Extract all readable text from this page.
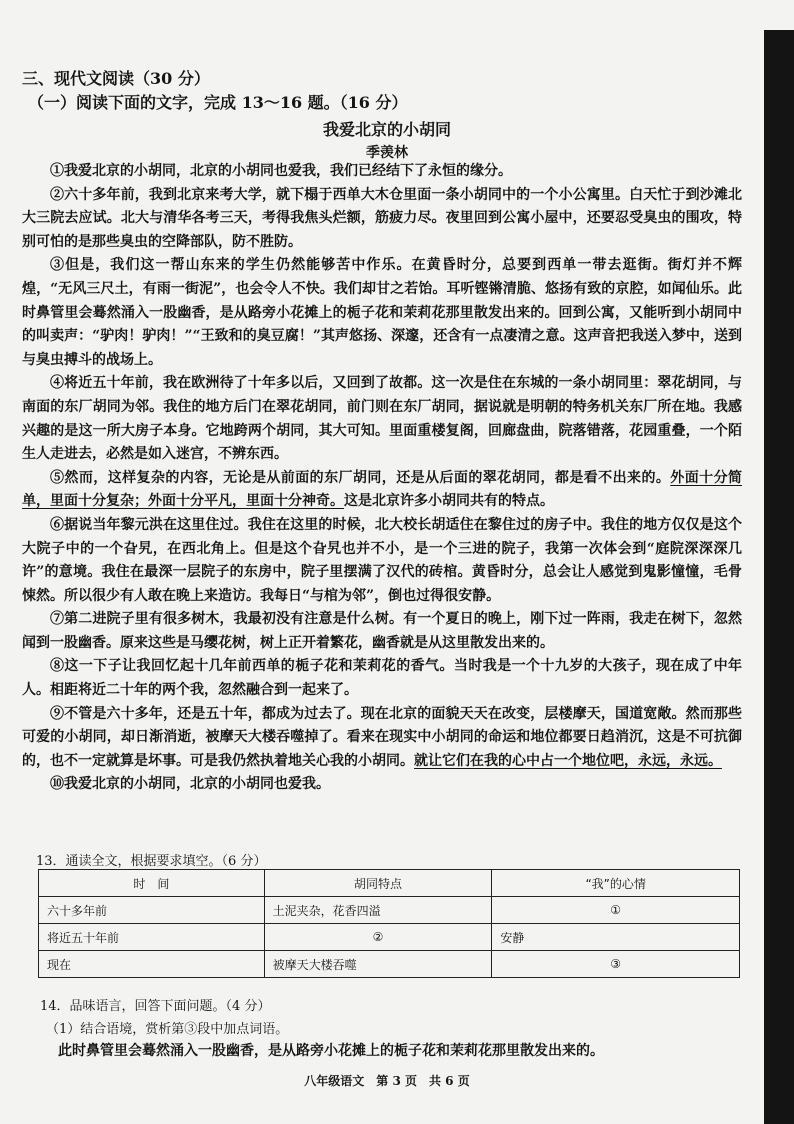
三、现代文阅读（30 分）
（一）阅读下面的文字，完成 13～16 题。（16 分）
我爱北京的小胡同
季羡林

①我爱北京的小胡同，北京的小胡同也爱我，我们已经结下了永恒的缘分。

②六十多年前，我到北京来考大学，就下榻于西单大木仓里面一条小胡同中的一个小公寓里。白天忙于到沙滩北大三院去应试。北大与清华各考三天，考得我焦头烂额，筋疲力尽。夜里回到公寓小屋中，还要忍受臭虫的围攻，特别可怕的是那些臭虫的空降部队，防不胜防。

③但是，我们这一帮山东来的学生仍然能够苦中作乐。在黄昏时分，总要到西单一带去逛街。街灯并不辉煌，“无风三尺土，有雨一街泥”，也会令人不快。我们却甘之若饴。耳听铿锵清脆、悠扬有致的京腔，如闻仙乐。此时鼻管里会蓦然涌入一股幽香，是从路旁小花摊上的栀子花和茉莉花那里散发出来的。回到公寓，又能听到小胡同中的叫卖声：“驴肉！驴肉！”“王致和的臭豆腐！”其声悠扬、深邃，还含有一点凄清之意。这声音把我送入梦中，送到与臭虫搏斗的战场上。

④将近五十年前，我在欧洲待了十年多以后，又回到了故都。这一次是住在东城的一条小胡同里：翠花胡同，与南面的东厂胡同为邻。我住的地方后门在翠花胡同，前门则在东厂胡同，据说就是明朝的特务机关东厂所在地。我感兴趣的是这一所大房子本身。它地跨两个胡同，其大可知。里面重楼复阁，回廊盘曲，院落错落，花园重叠，一个陌生人走进去，必然是如入迷宫，不辨东西。

⑤然而，这样复杂的内容，无论是从前面的东厂胡同，还是从后面的翠花胡同，都是看不出来的。外面十分简单，里面十分复杂；外面十分平凡，里面十分神奇。这是北京许多小胡同共有的特点。

⑥据说当年黎元洪在这里住过。我住在这里的时候，北大校长胡适住在黎住过的房子中。我住的地方仅仅是这个大院子中的一个旮旯，在西北角上。但是这个旮旯也并不小，是一个三进的院子，我第一次体会到“庭院深深深几许”的意境。我住在最深一层院子的东房中，院子里摆满了汉代的砖棺。黄昏时分，总会让人感觉到鬼影憧憧，毛骨悚然。所以很少有人敢在晚上来造访。我每日“与棺为邻”，倒也过得很安静。

⑦第二进院子里有很多树木，我最初没有注意是什么树。有一个夏日的晚上，刚下过一阵雨，我走在树下，忽然闻到一股幽香。原来这些是马缨花树，树上正开着繁花，幽香就是从这里散发出来的。

⑧这一下子让我回忆起十几年前西单的栀子花和茉莉花的香气。当时我是一个十九岁的大孩子，现在成了中年人。相距将近二十年的两个我，忽然融合到一起来了。

⑨不管是六十多年，还是五十年，都成为过去了。现在北京的面貌天天在改变，层楼摩天，国道宽敞。然而那些可爱的小胡同，却日渐消逝，被摩天大楼吞噬掉了。看来在现实中小胡同的命运和地位都要日趋消沉，这是不可抗御的，也不一定就算是坏事。可是我仍然执着地关心我的小胡同。就让它们在我的心中占一个地位吧，永远，永远。

⑩我爱北京的小胡同，北京的小胡同也爱我。

13．通读全文，根据要求填空。（6 分）
时　间	胡同特点	“我”的心情
六十多年前	土泥夹杂，花香四溢	①
将近五十年前	②	安静
现在	被摩天大楼吞噬	③
14．品味语言，回答下面问题。（4 分）
（1）结合语境，赏析第③段中加点词语。
此时鼻管里会蓦然涌入一股幽香，是从路旁小花摊上的栀子花和茉莉花那里散发出来的。
八年级语文　第 3 页　共 6 页
